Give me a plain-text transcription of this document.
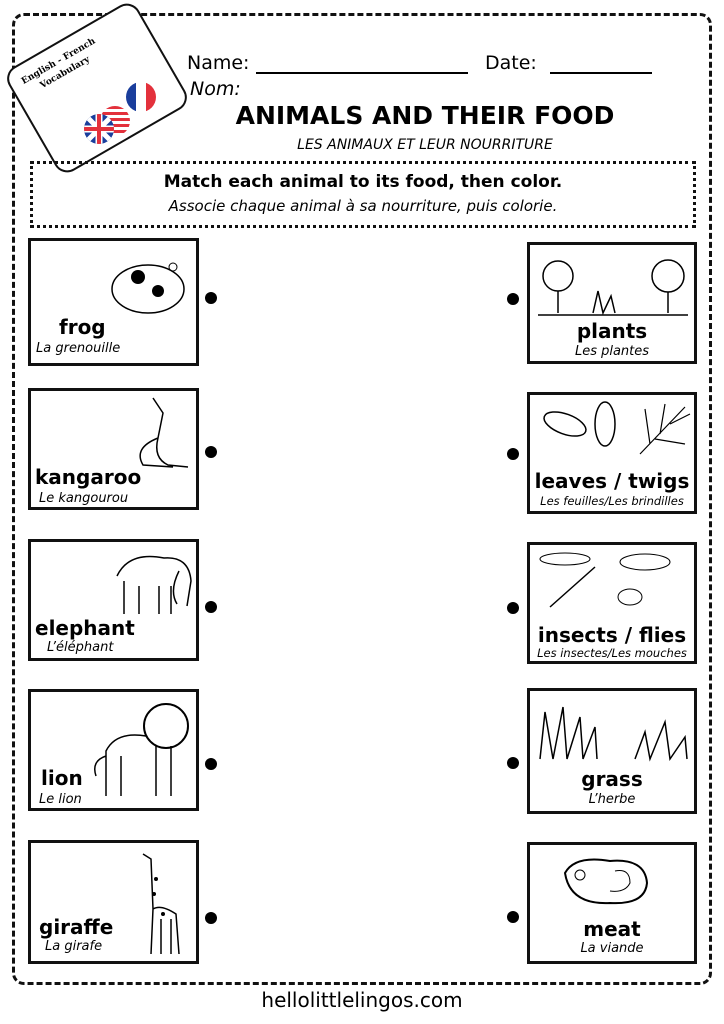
English - French Vocabulary	Name:	Date:
Nom:
ANIMALS AND THEIR FOOD
LES ANIMAUX ET LEUR NOURRITURE
Match each animal to its food, then color.
Associe chaque animal à sa nourriture, puis colorie.
frog
La grenouille
kangaroo
Le kangourou
elephant
L’éléphant
lion
Le lion
giraffe
La girafe
plants
Les plantes
leaves / twigs
Les feuilles/Les brindilles
insects / flies
Les insectes/Les mouches
grass
L’herbe
meat
La viande
hellolittlelingos.com
